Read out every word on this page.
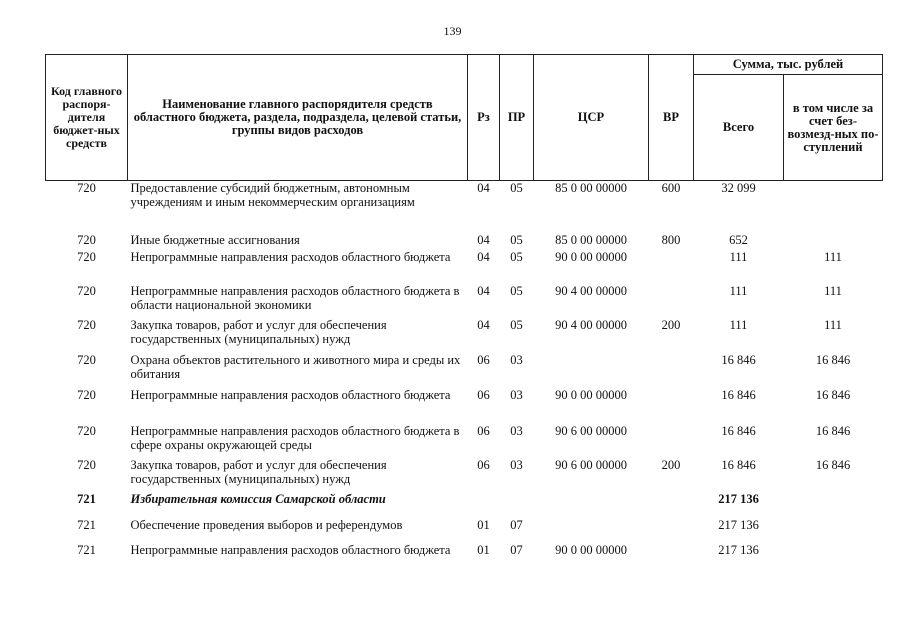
139
Код главного распоря-дителя бюджет-ных средств	Наименование главного распорядителя средств областного бюджета, раздела, подраздела, целевой статьи, группы видов расходов	Рз	ПР	ЦСР	ВР	Сумма, тыс. рублей	
						Всего	в том числе за счет без-возмезд-ных по-ступлений
720	Предоставление субсидий бюджетным, автономным учреждениям и иным некоммерческим организациям	04	05	85 0 00 00000	600	32 099	
720	Иные бюджетные ассигнования	04	05	85 0 00 00000	800	652	
720	Непрограммные направления расходов областного бюджета	04	05	90 0 00 00000		111	111
720	Непрограммные направления расходов областного бюджета в области национальной экономики	04	05	90 4 00 00000		111	111
720	Закупка товаров, работ и услуг для обеспечения государственных (муниципальных) нужд	04	05	90 4 00 00000	200	111	111
720	Охрана объектов растительного и животного мира и среды их обитания	06	03			16 846	16 846
720	Непрограммные направления расходов областного бюджета	06	03	90 0 00 00000		16 846	16 846
720	Непрограммные направления расходов областного бюджета в сфере охраны окружающей среды	06	03	90 6 00 00000		16 846	16 846
720	Закупка товаров, работ и услуг для обеспечения государственных (муниципальных) нужд	06	03	90 6 00 00000	200	16 846	16 846
721	Избирательная комиссия Самарской области					217 136	
721	Обеспечение проведения выборов и референдумов	01	07			217 136	
721	Непрограммные направления расходов областного бюджета	01	07	90 0 00 00000		217 136	
